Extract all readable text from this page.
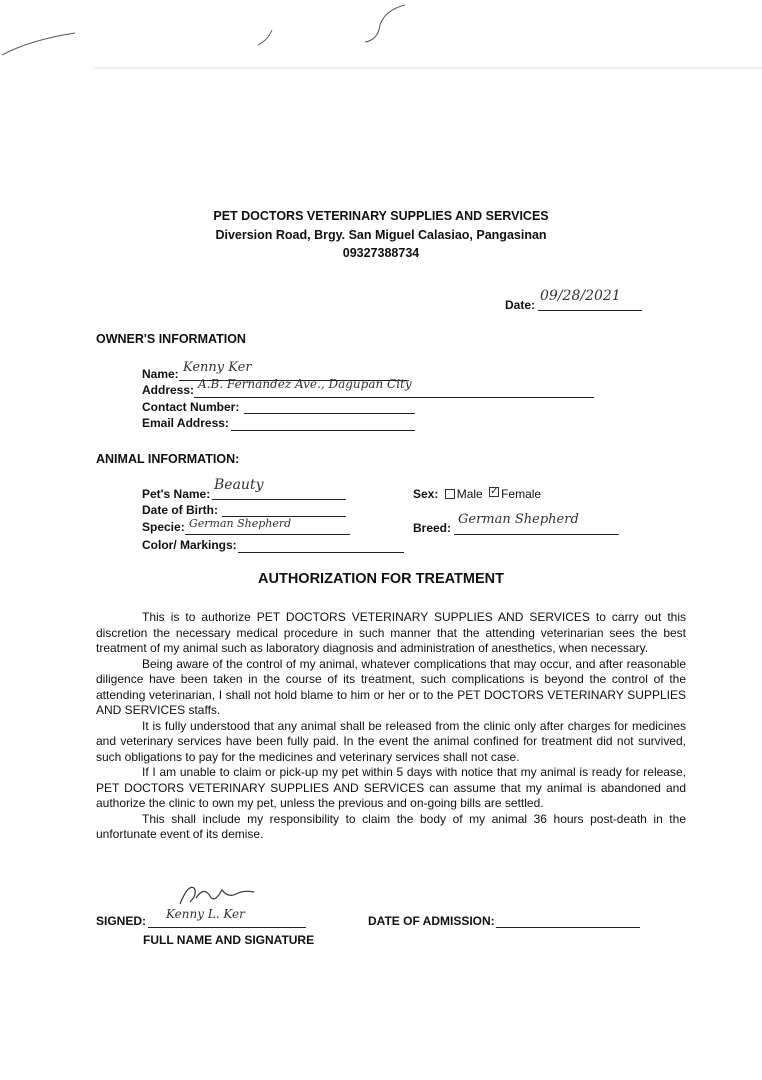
PET DOCTORS VETERINARY SUPPLIES AND SERVICES
Diversion Road, Brgy. San Miguel Calasiao, Pangasinan
09327388734
Date:
09/28/2021
OWNER'S INFORMATION
Name: Kenny Ker
Address: A.B. Fernandez Ave., Dagupan City
Contact Number:
Email Address:
ANIMAL INFORMATION:
Pet's Name:
Beauty
Date of Birth:
Specie: German Shepherd
Color/ Markings:
Sex: Male ✓ Female
Breed:
German Shepherd
AUTHORIZATION FOR TREATMENT

This is to authorize PET DOCTORS VETERINARY SUPPLIES AND SERVICES to carry out this discretion the necessary medical procedure in such manner that the attending veterinarian sees the best treatment of my animal such as laboratory diagnosis and administration of anesthetics, when necessary.

Being aware of the control of my animal, whatever complications that may occur, and after reasonable diligence have been taken in the course of its treatment, such complications is beyond the control of the attending veterinarian, I shall not hold blame to him or her or to the PET DOCTORS VETERINARY SUPPLIES AND SERVICES staffs.

It is fully understood that any animal shall be released from the clinic only after charges for medicines and veterinary services have been fully paid. In the event the animal confined for treatment did not survived, such obligations to pay for the medicines and veterinary services shall not case.

If I am unable to claim or pick-up my pet within 5 days with notice that my animal is ready for release, PET DOCTORS VETERINARY SUPPLIES AND SERVICES can assume that my animal is abandoned and authorize the clinic to own my pet, unless the previous and on-going bills are settled.

This shall include my responsibility to claim the body of my animal 36 hours post-death in the unfortunate event of its demise.

SIGNED: Kenny L. Ker
FULL NAME AND SIGNATURE
DATE OF ADMISSION:
